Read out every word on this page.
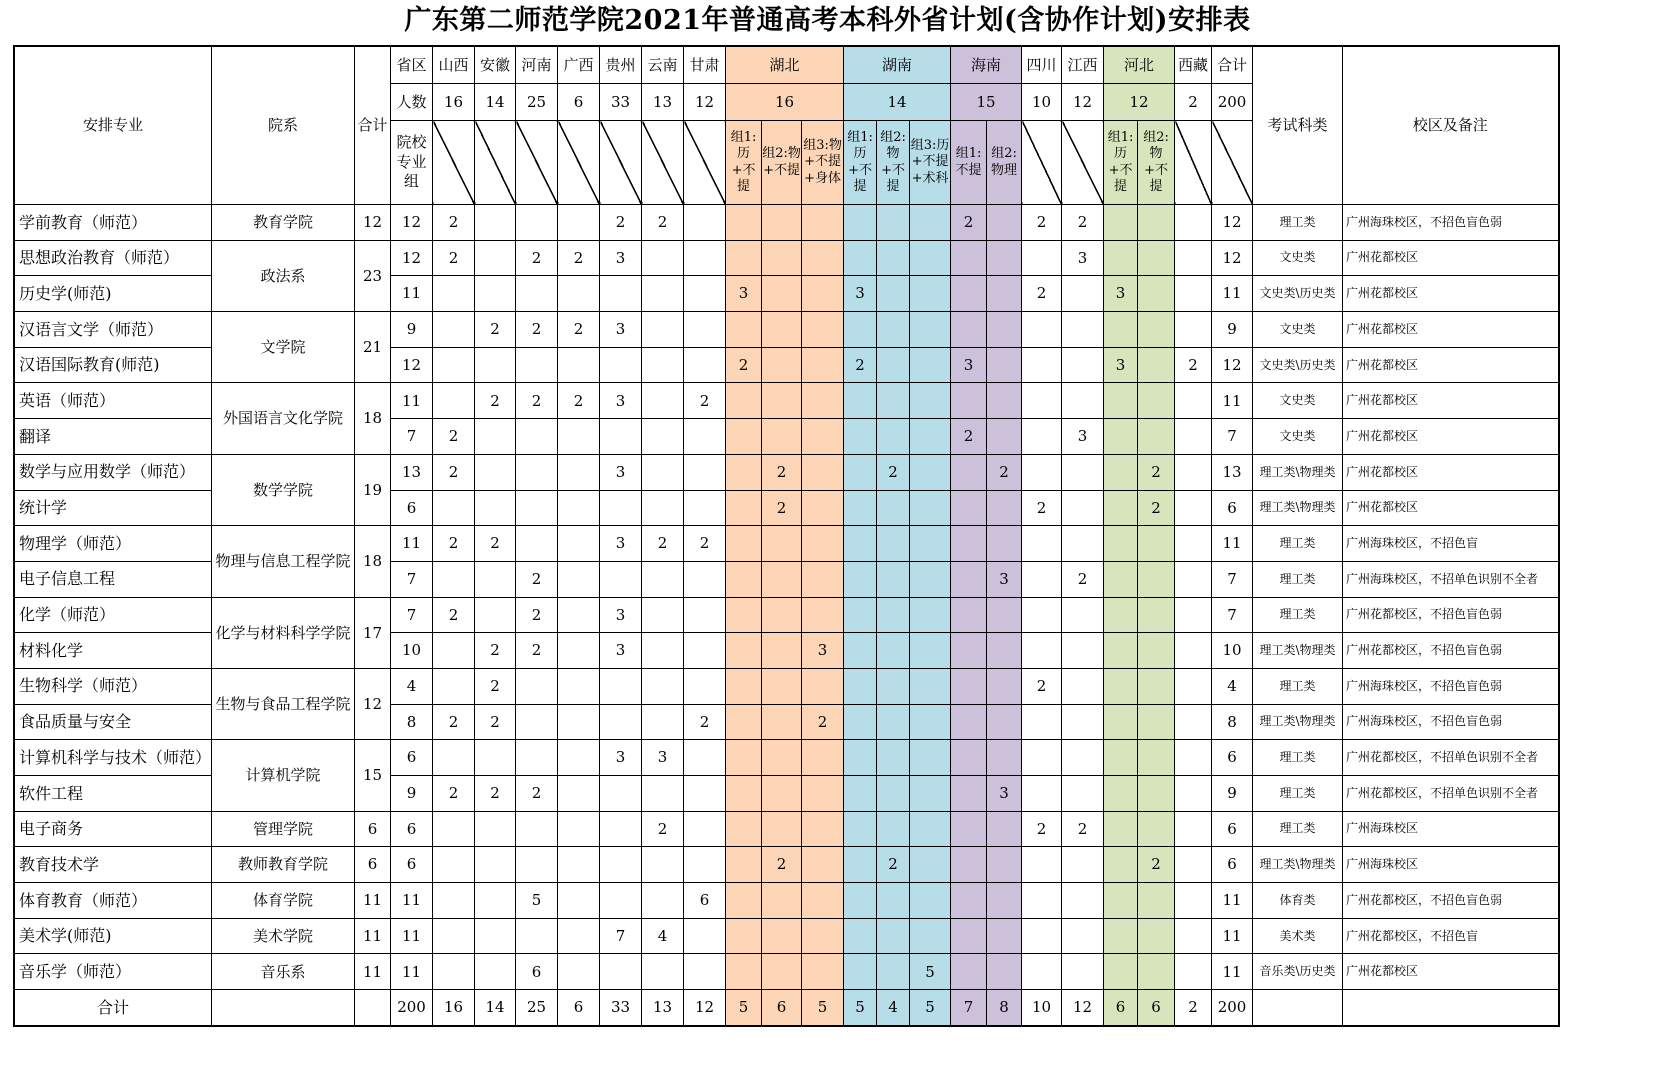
广东第二师范学院2021年普通高考本科外省计划(含协作计划)安排表
安排专业	院系	合计	省区	山西	安徽	河南	广西	贵州	云南	甘肃	湖北			湖南			海南		四川	江西	河北		西藏	合计	考试科类	校区及备注
			人数	16	14	25	6	33	13	12	16			14			15		10	12	12		2	200		
			院校专业组								组1:历+不提	组2:物+不提	组3:物+不提+身体	组1:历+不提	组2:物+不提	组3:历+不提+术科	组1:不提	组2:物理			组1:历+不提	组2:物+不提				
学前教育（师范）	教育学院	12	12	2				2	2								2		2	2				12	理工类	广州海珠校区，不招色盲色弱
思想政治教育（师范）	政法系	23	12	2		2	2	3												3				12	文史类	广州花都校区
历史学(师范)			11								3			3					2		3			11	文史类\历史类	广州花都校区
汉语言文学（师范）	文学院	21	9		2	2	2	3																9	文史类	广州花都校区
汉语国际教育(师范)			12								2			2			3				3		2	12	文史类\历史类	广州花都校区
英语（师范）	外国语言文化学院	18	11		2	2	2	3		2														11	文史类	广州花都校区
翻译			7	2													2			3				7	文史类	广州花都校区
数学与应用数学（师范）	数学学院	19	13	2				3				2			2			2				2		13	理工类\物理类	广州花都校区
统计学			6									2							2			2		6	理工类\物理类	广州花都校区
物理学（师范）	物理与信息工程学院	18	11	2	2			3	2	2														11	理工类	广州海珠校区，不招色盲
电子信息工程			7			2												3		2				7	理工类	广州海珠校区，不招单色识别不全者
化学（师范）	化学与材料科学学院	17	7	2		2		3																7	理工类	广州花都校区，不招色盲色弱
材料化学			10		2	2		3					3											10	理工类\物理类	广州花都校区，不招色盲色弱
生物科学（师范）	生物与食品工程学院	12	4		2														2					4	理工类	广州海珠校区，不招色盲色弱
食品质量与安全			8	2	2					2			2											8	理工类\物理类	广州海珠校区，不招色盲色弱
计算机科学与技术（师范）	计算机学院	15	6					3	3															6	理工类	广州花都校区，不招单色识别不全者
软件工程			9	2	2	2												3						9	理工类	广州花都校区，不招单色识别不全者
电子商务	管理学院	6	6						2										2	2				6	理工类	广州海珠校区
教育技术学	教师教育学院	6	6									2			2							2		6	理工类\物理类	广州海珠校区
体育教育（师范）	体育学院	11	11			5				6														11	体育类	广州花都校区，不招色盲色弱
美术学(师范)	美术学院	11	11					7	4															11	美术类	广州花都校区，不招色盲
音乐学（师范）	音乐系	11	11			6										5								11	音乐类\历史类	广州花都校区
合计			200	16	14	25	6	33	13	12	5	6	5	5	4	5	7	8	10	12	6	6	2	200		
